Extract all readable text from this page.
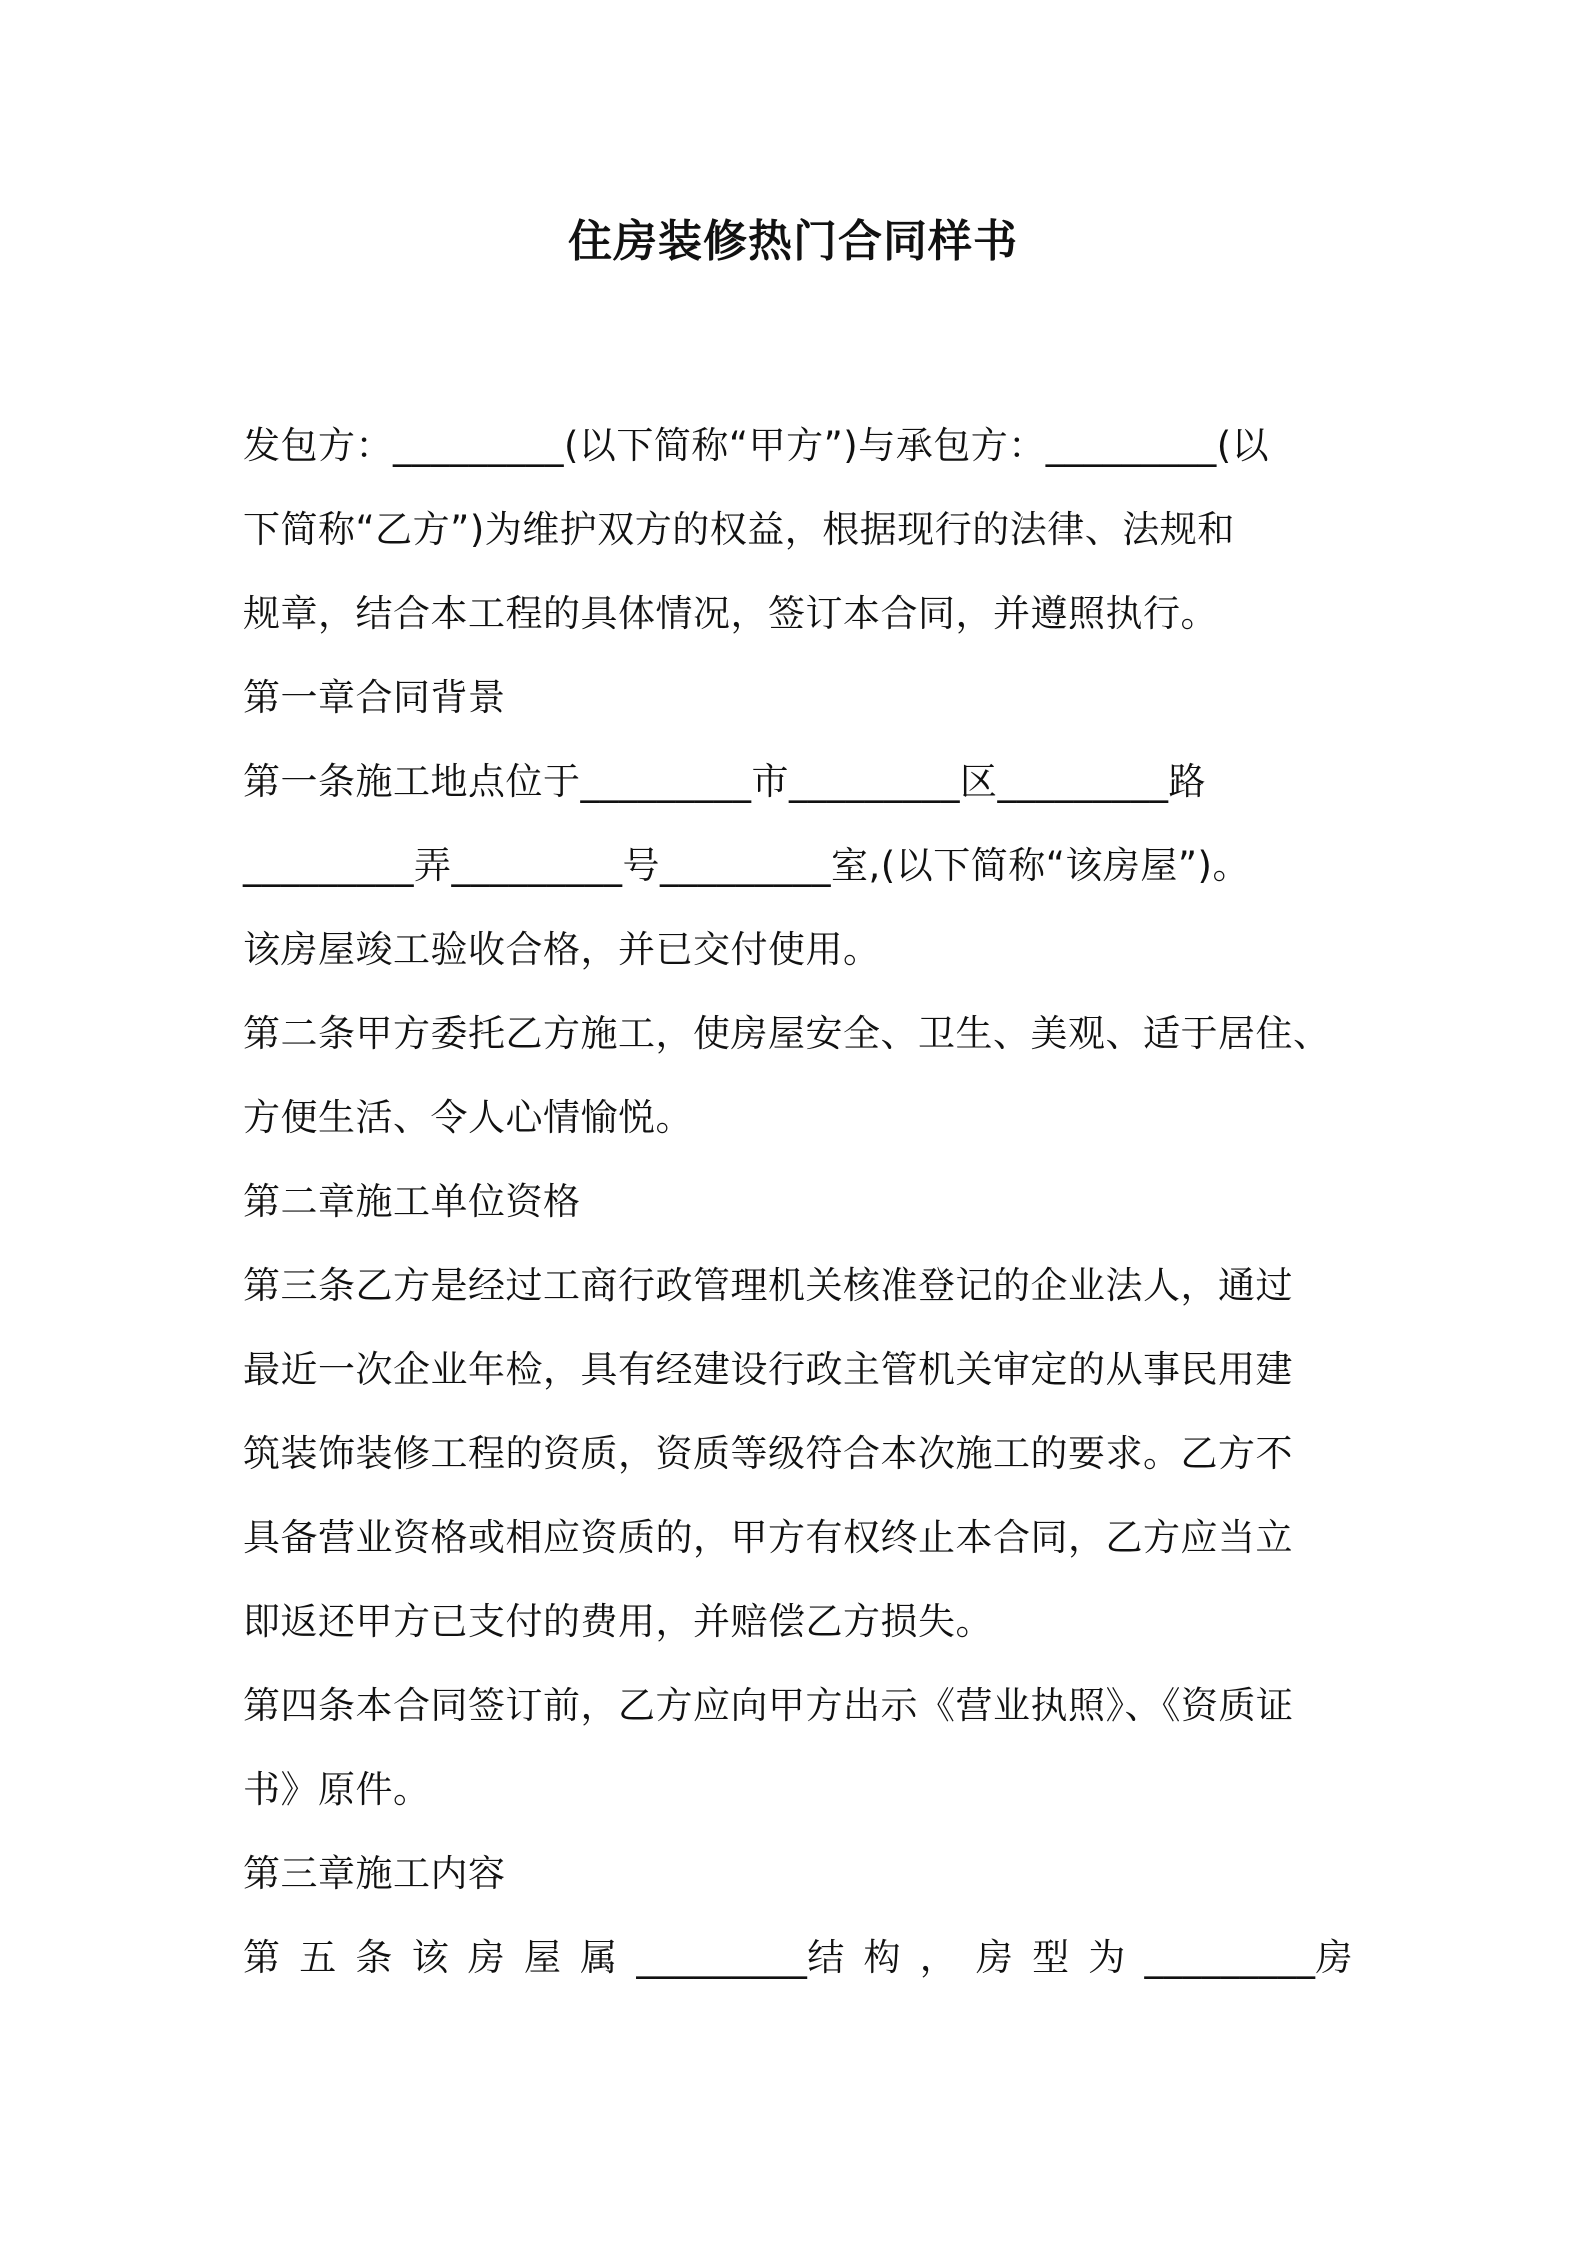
住房装修热门合同样书
发包方：_________(以下简称“甲方”)与承包方：_________(以
下简称“乙方”)为维护双方的权益，根据现行的法律、法规和
规章，结合本工程的具体情况，签订本合同，并遵照执行。
第一章合同背景
第一条施工地点位于_________市_________区_________路
_________弄_________号_________室,(以下简称“该房屋”)。
该房屋竣工验收合格，并已交付使用。
第二条甲方委托乙方施工，使房屋安全、卫生、美观、适于居住、
方便生活、令人心情愉悦。
第二章施工单位资格
第三条乙方是经过工商行政管理机关核准登记的企业法人，通过
最近一次企业年检，具有经建设行政主管机关审定的从事民用建
筑装饰装修工程的资质，资质等级符合本次施工的要求。乙方不
具备营业资格或相应资质的，甲方有权终止本合同，乙方应当立
即返还甲方已支付的费用，并赔偿乙方损失。
第四条本合同签订前，乙方应向甲方出示《营业执照》、《资质证
书》原件。
第三章施工内容
第 五 条 该 房 屋 属 _________结 构 ， 房 型 为 _________房
